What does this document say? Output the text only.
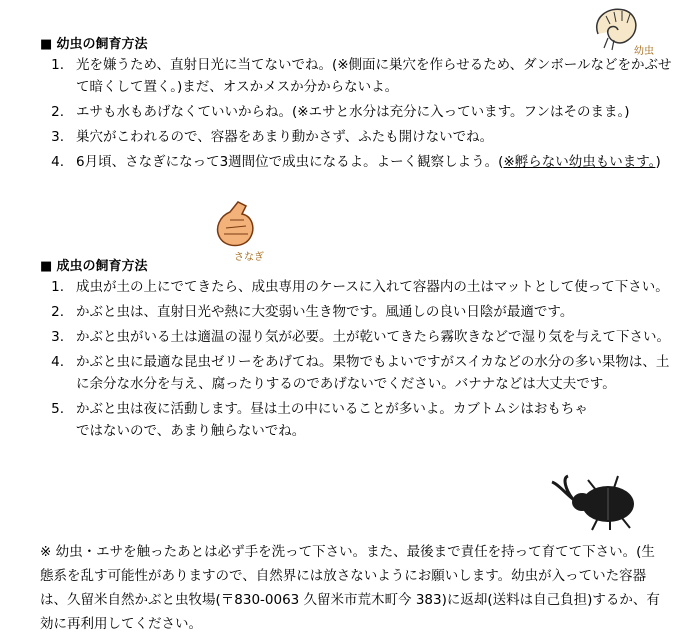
■ 幼虫の飼育方法
1. 光を嫌うため、直射日光に当てないでね。(※側面に巣穴を作らせるため、ダンボールなどをかぶせて暗くして置く。)まだ、オスかメスか分からないよ。
2. エサも水もあげなくていいからね。(※エサと水分は充分に入っています。フンはそのまま。)
3. 巣穴がこわれるので、容器をあまり動かさず、ふたも開けないでね。
4. 6月頃、さなぎになって3週間位で成虫になるよ。よーく観察しよう。(※孵らない幼虫もいます。)
幼虫
さなぎ
■ 成虫の飼育方法
1. 成虫が土の上にでてきたら、成虫専用のケースに入れて容器内の土はマットとして使って下さい。
2. かぶと虫は、直射日光や熱に大変弱い生き物です。風通しの良い日陰が最適です。
3. かぶと虫がいる土は適温の湿り気が必要。土が乾いてきたら霧吹きなどで湿り気を与えて下さい。
4. かぶと虫に最適な昆虫ゼリーをあげてね。果物でもよいですがスイカなどの水分の多い果物は、土に余分な水分を与え、腐ったりするのであげないでください。バナナなどは大丈夫です。
5. かぶと虫は夜に活動します。昼は土の中にいることが多いよ。カブトムシはおもちゃではないので、あまり触らないでね。
※ 幼虫・エサを触ったあとは必ず手を洗って下さい。また、最後まで責任を持って育てて下さい。(生態系を乱す可能性がありますので、自然界には放さないようにお願いします。幼虫が入っていた容器は、久留米自然かぶと虫牧場(〒830-0063 久留米市荒木町今 383)に返却(送料は自己負担)するか、有効に再利用してください。
